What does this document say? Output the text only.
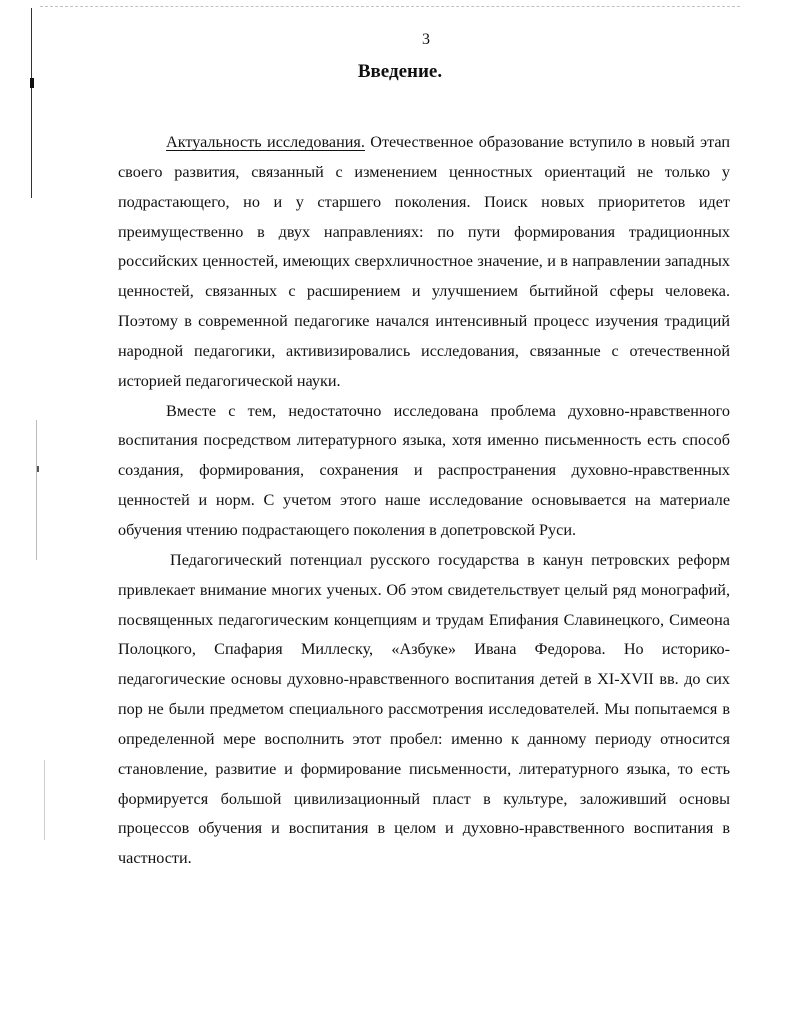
3
Введение.

Актуальность исследования. Отечественное образование вступило в новый этап своего развития, связанный с изменением ценностных ориентаций не только у подрастающего, но и у старшего поколения. Поиск новых приоритетов идет преимущественно в двух направлениях: по пути формирования традиционных российских ценностей, имеющих сверхличностное значение, и в направлении западных ценностей, связанных с расширением и улучшением бытийной сферы человека. Поэтому в современной педагогике начался интенсивный процесс изучения традиций народной педагогики, активизировались исследования, связанные с отечественной историей педагогической науки.

Вместе с тем, недостаточно исследована проблема духовно-нравственного воспитания посредством литературного языка, хотя именно письменность есть способ создания, формирования, сохранения и распространения духовно-нравственных ценностей и норм. С учетом этого наше исследование основывается на материале обучения чтению подрастающего поколения в допетровской Руси.

Педагогический потенциал русского государства в канун петровских реформ привлекает внимание многих ученых. Об этом свидетельствует целый ряд монографий, посвященных педагогическим концепциям и трудам Епифания Славинецкого, Симеона Полоцкого, Спафария Миллеску, «Азбуке» Ивана Федорова. Но историко-педагогические основы духовно-нравственного воспитания детей в XI-XVII вв. до сих пор не были предметом специального рассмотрения исследователей. Мы попытаемся в определенной мере восполнить этот пробел: именно к данному периоду относится становление, развитие и формирование письменности, литературного языка, то есть формируется большой цивилизационный пласт в культуре, заложивший основы процессов обучения и воспитания в целом и духовно-нравственного воспитания в частности.
